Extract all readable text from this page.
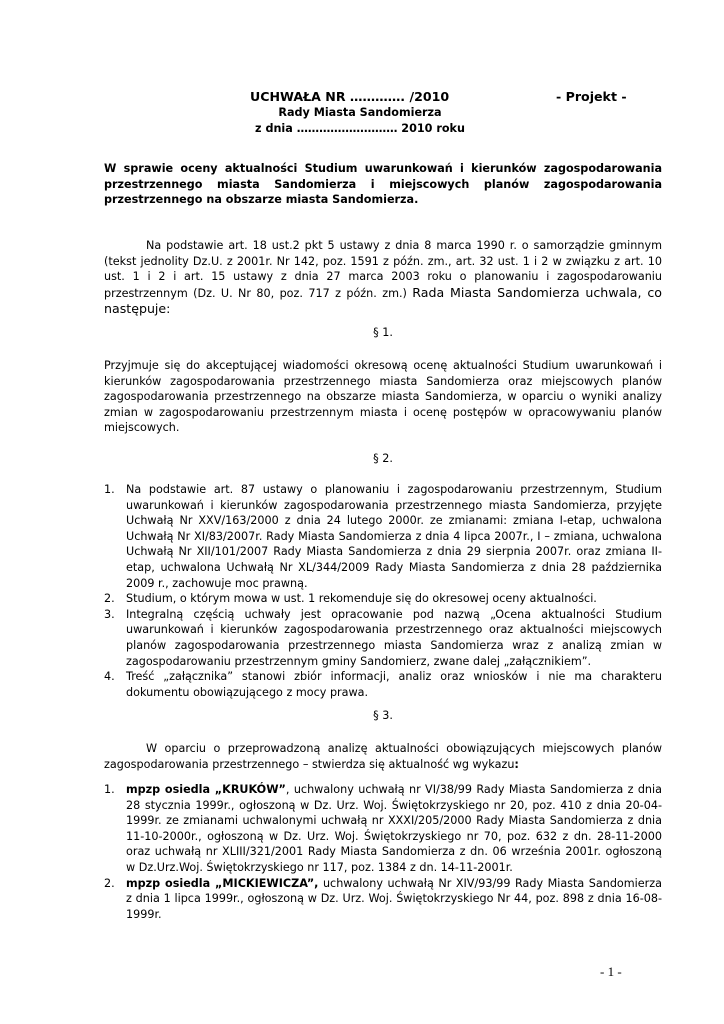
UCHWAŁA NR …………. /2010	- Projekt -
Rady Miasta Sandomierza
z dnia ……………………… 2010 roku

W sprawie oceny aktualności Studium uwarunkowań i kierunków zagospodarowania przestrzennego miasta Sandomierza i miejscowych planów zagospodarowania przestrzennego na obszarze miasta Sandomierza.

Na podstawie art. 18 ust.2 pkt 5 ustawy z dnia 8 marca 1990 r. o samorządzie gminnym (tekst jednolity Dz.U. z 2001r. Nr 142, poz. 1591 z późn. zm., art. 32 ust. 1 i 2 w związku z art. 10 ust. 1 i 2 i art. 15 ustawy z dnia 27 marca 2003 roku o planowaniu i zagospodarowaniu przestrzennym (Dz. U. Nr 80, poz. 717 z późn. zm.) Rada Miasta Sandomierza uchwala, co następuje:

§ 1.

Przyjmuje się do akceptującej wiadomości okresową ocenę aktualności Studium uwarunkowań i kierunków zagospodarowania przestrzennego miasta Sandomierza oraz miejscowych planów zagospodarowania przestrzennego na obszarze miasta Sandomierza, w oparciu o wyniki analizy zmian w zagospodarowaniu przestrzennym miasta i ocenę postępów w opracowywaniu planów miejscowych.

§ 2.
1. Na podstawie art. 87 ustawy o planowaniu i zagospodarowaniu przestrzennym, Studium uwarunkowań i kierunków zagospodarowania przestrzennego miasta Sandomierza, przyjęte Uchwałą Nr XXV/163/2000 z dnia 24 lutego 2000r. ze zmianami: zmiana I-etap, uchwalona Uchwałą Nr XI/83/2007r. Rady Miasta Sandomierza z dnia 4 lipca 2007r., I – zmiana, uchwalona Uchwałą Nr XII/101/2007 Rady Miasta Sandomierza z dnia 29 sierpnia 2007r. oraz zmiana II-etap, uchwalona Uchwałą Nr XL/344/2009 Rady Miasta Sandomierza z dnia 28 października 2009 r., zachowuje moc prawną.
2. Studium, o którym mowa w ust. 1 rekomenduje się do okresowej oceny aktualności.
3. Integralną częścią uchwały jest opracowanie pod nazwą „Ocena aktualności Studium uwarunkowań i kierunków zagospodarowania przestrzennego oraz aktualności miejscowych planów zagospodarowania przestrzennego miasta Sandomierza wraz z analizą zmian w zagospodarowaniu przestrzennym gminy Sandomierz, zwane dalej „załącznikiem”.
4. Treść „załącznika” stanowi zbiór informacji, analiz oraz wniosków i nie ma charakteru dokumentu obowiązującego z mocy prawa.
§ 3.

W oparciu o przeprowadzoną analizę aktualności obowiązujących miejscowych planów zagospodarowania przestrzennego – stwierdza się aktualność wg wykazu:

1. mpzp osiedla „KRUKÓW”, uchwalony uchwałą nr VI/38/99 Rady Miasta Sandomierza z dnia 28 stycznia 1999r., ogłoszoną w Dz. Urz. Woj. Świętokrzyskiego nr 20, poz. 410 z dnia 20-04-1999r. ze zmianami uchwalonymi uchwałą nr XXXI/205/2000 Rady Miasta Sandomierza z dnia 11-10-2000r., ogłoszoną w Dz. Urz. Woj. Świętokrzyskiego nr 70, poz. 632 z dn. 28-11-2000 oraz uchwałą nr XLIII/321/2001 Rady Miasta Sandomierza z dn. 06 września 2001r. ogłoszoną w Dz.Urz.Woj. Świętokrzyskiego nr 117, poz. 1384 z dn. 14-11-2001r.
2. mpzp osiedla „MICKIEWICZA”, uchwalony uchwałą Nr XIV/93/99 Rady Miasta Sandomierza z dnia 1 lipca 1999r., ogłoszoną w Dz. Urz. Woj. Świętokrzyskiego Nr 44, poz. 898 z dnia 16-08-1999r.
- 1 -
